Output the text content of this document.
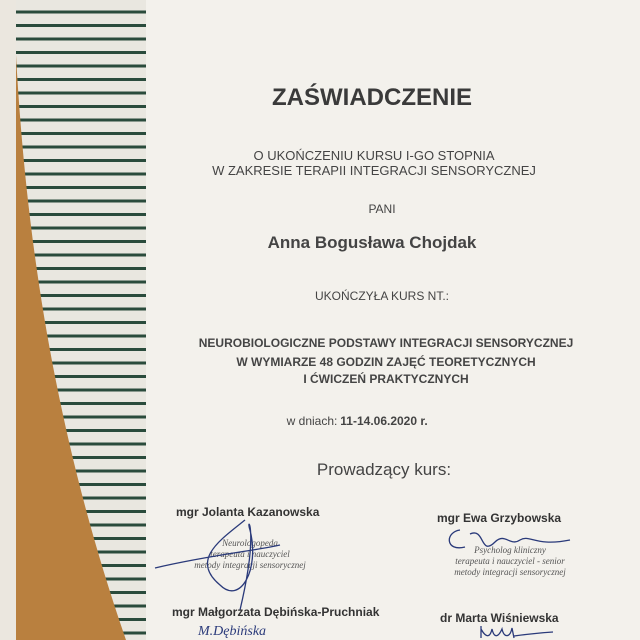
ZAŚWIADCZENIE
O UKOŃCZENIU KURSU I-GO STOPNIA
W ZAKRESIE TERAPII INTEGRACJI SENSORYCZNEJ
PANI
Anna Bogusława Chojdak
UKOŃCZYŁA KURS NT.:
NEUROBIOLOGICZNE PODSTAWY INTEGRACJI SENSORYCZNEJ
W WYMIARZE 48 GODZIN ZAJĘĆ TEORETYCZNYCH
I ĆWICZEŃ PRAKTYCZNYCH
w dniach: 11-14.06.2020 r.
Prowadzący kurs:
mgr Jolanta Kazanowska
Neurologopeda
terapeuta i nauczyciel
metody integracji sensorycznej
mgr Ewa Grzybowska
Psycholog kliniczny
terapeuta i nauczyciel - senior
metody integracji sensorycznej
mgr Małgorzata Dębińska-Pruchniak
M.Dębińska
dr Marta Wiśniewska
